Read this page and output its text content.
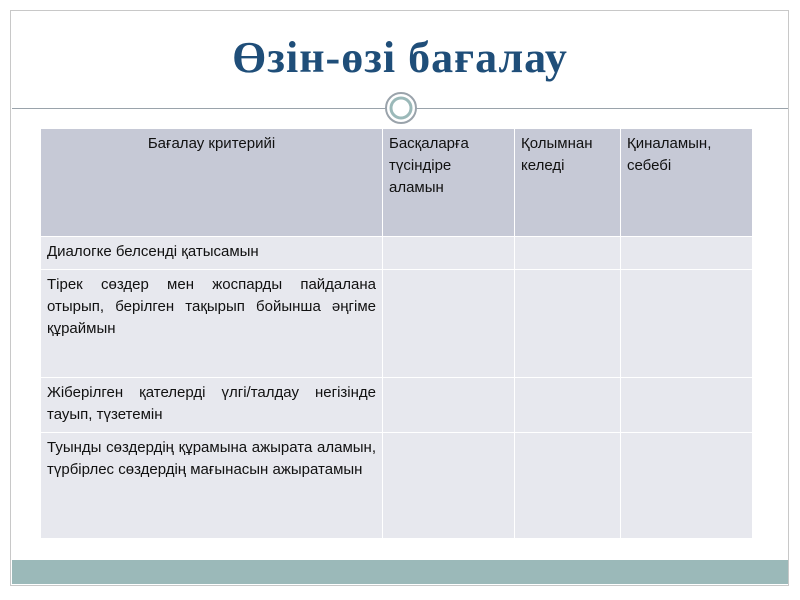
Өзін-өзі бағалау
Бағалау критерийі	Басқаларға түсіндіре аламын	Қолымнан келеді	Қиналамын, себебі
Диалогке белсенді қатысамын			
Тірек сөздер мен жоспарды пайдалана отырып, берілген тақырып бойынша әңгіме құраймын			
Жіберілген қателерді үлгі/талдау негізінде тауып, түзетемін			
Туынды сөздердің құрамына ажырата аламын, түрбірлес сөздердің мағынасын ажыратамын			
